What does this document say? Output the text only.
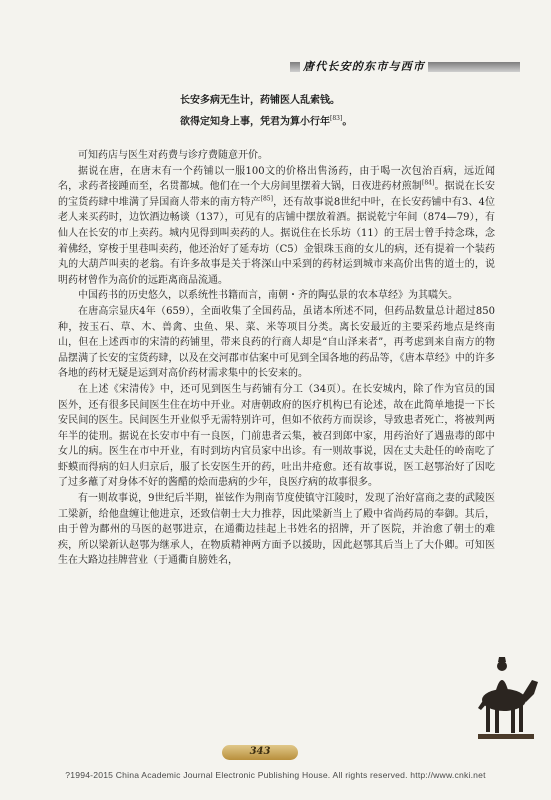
唐代长安的东市与西市
长安多病无生计，药铺医人乱索钱。
欲得定知身上事，凭君为算小行年[83]。

可知药店与医生对药费与诊疗费随意开价。

据说在唐，在唐末有一个药铺以一服100文的价格出售汤药，由于喝一次包治百病，远近闻名，求药者接踵而至，名贯都城。他们在一个大房间里摆着大锅，日夜进药材煎制[84]。据说在长安的宝货药肆中堆满了异国商人带来的南方特产[85]，还有故事说8世纪中叶，在长安药铺中有3、4位老人来买药时，边饮酒边畅谈（137），可见有的店铺中摆放着酒。据说乾宁年间（874—79），有仙人在长安的市上卖药。城内见得到叫卖药的人。据说住在长乐坊（11）的王居士曾手持念珠，念着佛经，穿梭于里巷叫卖药，他还治好了延寿坊（C5）金银珠玉商的女儿的病，还有提着一个装药丸的大葫芦叫卖的老翁。有许多故事是关于将深山中采到的药材运到城市来高价出售的道士的，说明药材曾作为高价的远距离商品流通。

中国药书的历史悠久，以系统性书籍而言，南朝・齐的陶弘景的农本草经》为其嚆矢。

在唐高宗显庆4年（659），全面收集了全国药品，虽诸本所述不同，但药品数量总计超过850种，按玉石、草、木、兽禽、虫鱼、果、菜、米等项目分类。离长安最近的主要采药地点是终南山，但在上述西市的宋清的药铺里，带来良药的行商人却是“自山泽来者”，再考虑到来自南方的物品摆满了长安的宝货药肆，以及在交河郡市估案中可见到全国各地的药品等，《唐本草经》中的许多各地的药材无疑是运到对高价药材需求集中的长安来的。

在上述《宋清传》中，还可见到医生与药铺有分工（34页）。在长安城内，除了作为官员的国医外，还有很多民间医生住在坊中开业。对唐朝政府的医疗机构已有论述，故在此简单地提一下长安民间的医生。民间医生开业似乎无需特别许可，但如不依药方而误诊，导致患者死亡，将被判两年半的徒刑。据说在长安市中有一良医，门前患者云集，被召到郎中家，用药治好了遇蛊毒的郎中女儿的病。医生在市中开业，有时到坊内官员家中出诊。有一则故事说，因在丈夫赴任的岭南吃了虾蟆而得病的妇人归京后，服了长安医生开的药，吐出井疮愈。还有故事说，医工赵鄂治好了因吃了过多蘸了对身体不好的酱醋的烩而患病的少年，良医疗病的故事很多。

有一则故事说，9世纪后半期，崔铉作为荆南节度使镇守江陵时，发现了治好富商之妻的武陵医工梁新，给他盘缠让他进京，还致信朝士大力推荐，因此梁新当上了殿中省尚药局的奉御。其后，由于曾为鄜州的马医的赵鄂进京，在通衢边挂起上书姓名的招牌，开了医院，并治愈了朝士的难疾，所以梁新认赵鄂为继承人，在物质精神两方面予以援助，因此赵鄂其后当上了大仆卿。可知医生在大路边挂牌营业（于通衢自膀姓名，

343
?1994-2015 China Academic Journal Electronic Publishing House. All rights reserved. http://www.cnki.net
